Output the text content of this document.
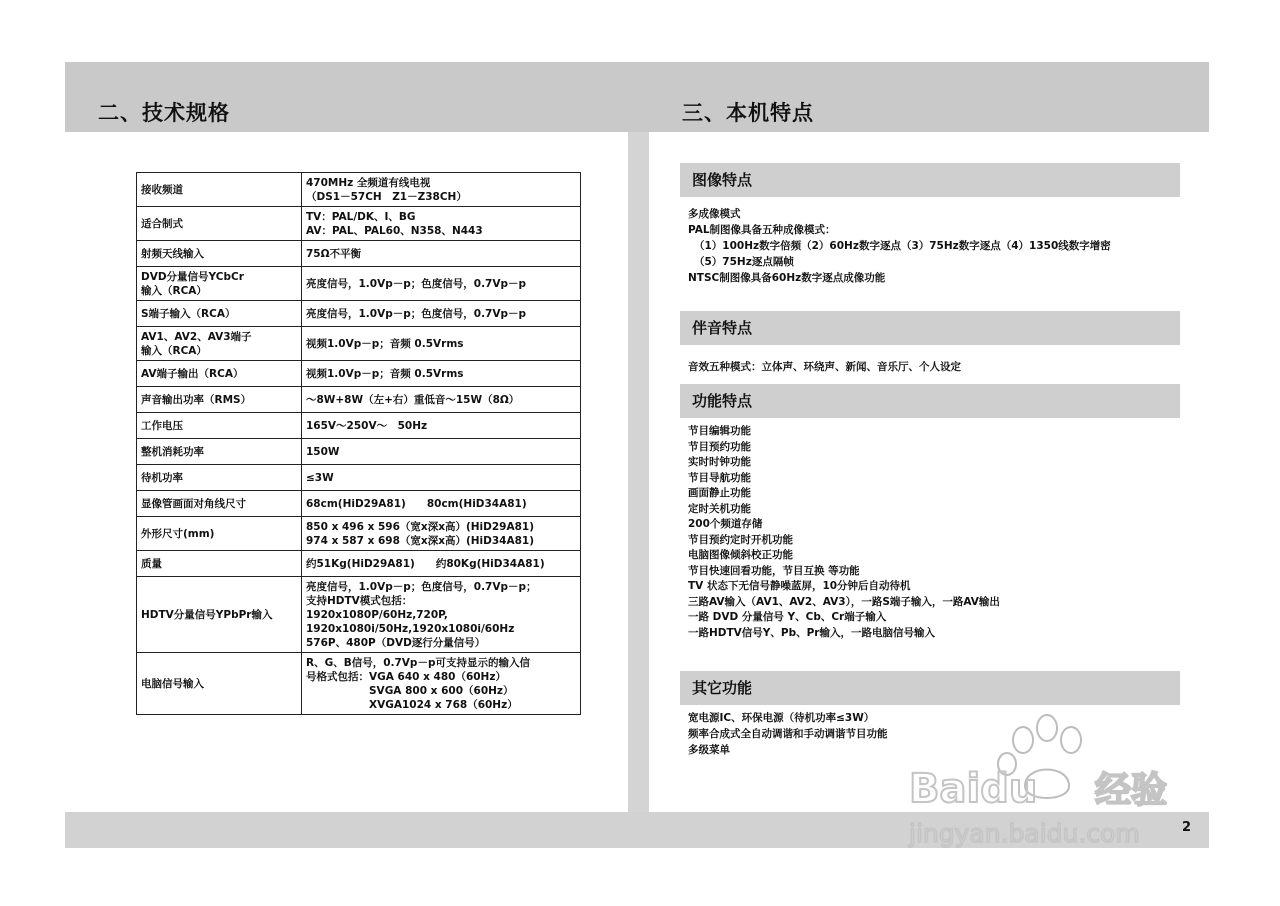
二、技术规格	三、本机特点
接收频道	470MHz 全频道有线电视
（DS1－57CH　Z1－Z38CH）

适合制式	TV：PAL/DK、I、BG
AV：PAL、PAL60、N358、N443

射频天线输入	75Ω不平衡

DVD分量信号YCbCr
输入（RCA）	亮度信号，1.0Vp－p；色度信号，0.7Vp－p

S端子输入（RCA）	亮度信号，1.0Vp－p；色度信号，0.7Vp－p

AV1、AV2、AV3端子
输入（RCA）	视频1.0Vp－p；音频 0.5Vrms

AV端子输出（RCA）	视频1.0Vp－p；音频 0.5Vrms

声音输出功率（RMS）	～8W+8W（左+右）重低音～15W（8Ω）

工作电压	165V～250V～　50Hz

整机消耗功率	150W

待机功率	≤3W

显像管画面对角线尺寸	68cm(HiD29A81)　　80cm(HiD34A81)

外形尺寸(mm)	850 x 496 x 596（宽x深x高）(HiD29A81)
974 x 587 x 698（宽x深x高）(HiD34A81)

质量	约51Kg(HiD29A81)　　约80Kg(HiD34A81)

HDTV分量信号YPbPr输入	亮度信号，1.0Vp－p；色度信号，0.7Vp－p；
支持HDTV模式包括：
1920x1080P/60Hz,720P,
1920x1080i/50Hz,1920x1080i/60Hz
576P、480P（DVD逐行分量信号）

电脑信号输入	R、G、B信号，0.7Vp－p可支持显示的输入信
号格式包括：VGA 640 x 480（60Hz）
　　　　　　SVGA 800 x 600（60Hz）
　　　　　　XVGA1024 x 768（60Hz）
图像特点
多成像模式
PAL制图像具备五种成像模式：
（1）100Hz数字倍频（2）60Hz数字逐点（3）75Hz数字逐点（4）1350线数字增密
（5）75Hz逐点隔帧
NTSC制图像具备60Hz数字逐点成像功能
伴音特点
音效五种模式：立体声、环绕声、新闻、音乐厅、个人设定
功能特点
节目编辑功能
节目预约功能
实时时钟功能
节目导航功能
画面静止功能
定时关机功能
200个频道存储
节目预约定时开机功能
电脑图像倾斜校正功能
节目快速回看功能，节目互换 等功能
TV 状态下无信号静噪蓝屏，10分钟后自动待机
三路AV输入（AV1、AV2、AV3），一路S端子输入，一路AV输出
一路 DVD 分量信号 Y、Cb、Cr端子输入
一路HDTV信号Y、Pb、Pr输入，一路电脑信号输入
其它功能
宽电源IC、环保电源（待机功率≤3W）
频率合成式全自动调谐和手动调谐节目功能
多级菜单
2
Baidu 经验
jingyan.baidu.com
